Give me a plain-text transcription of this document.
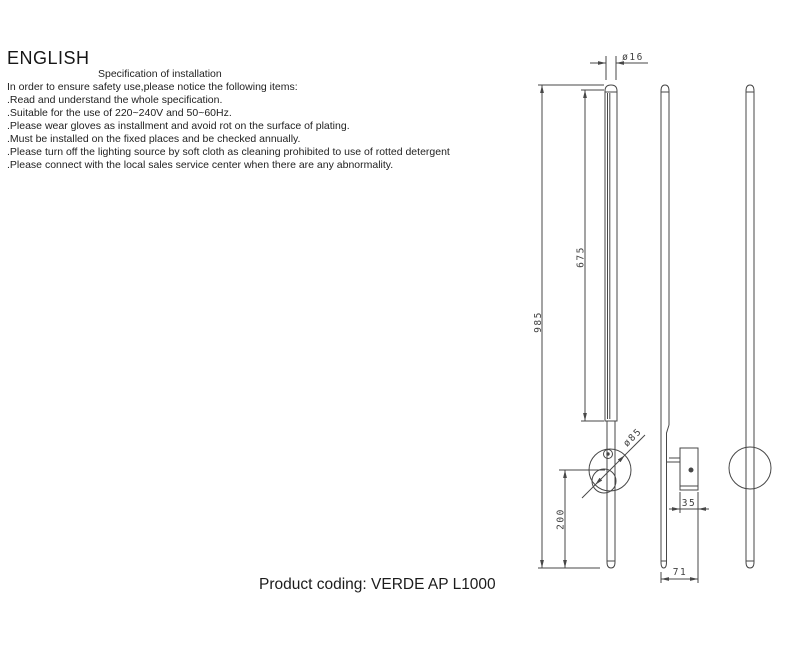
ENGLISH
Specification of installation
In order to ensure safety use,please notice the following items:
.Read and understand the whole specification.
.Suitable for the use of 220~240V and 50~60Hz.
.Please wear gloves as installment and avoid rot on the surface of plating.
.Must be installed on the fixed places and be checked annually.
.Please turn off the lighting source by soft cloth as cleaning prohibited to use of rotted detergent
.Please connect with the local sales service center when there are any abnormality.
ø16
985
675
200
ø85
35
71
Product coding: VERDE AP L1000
